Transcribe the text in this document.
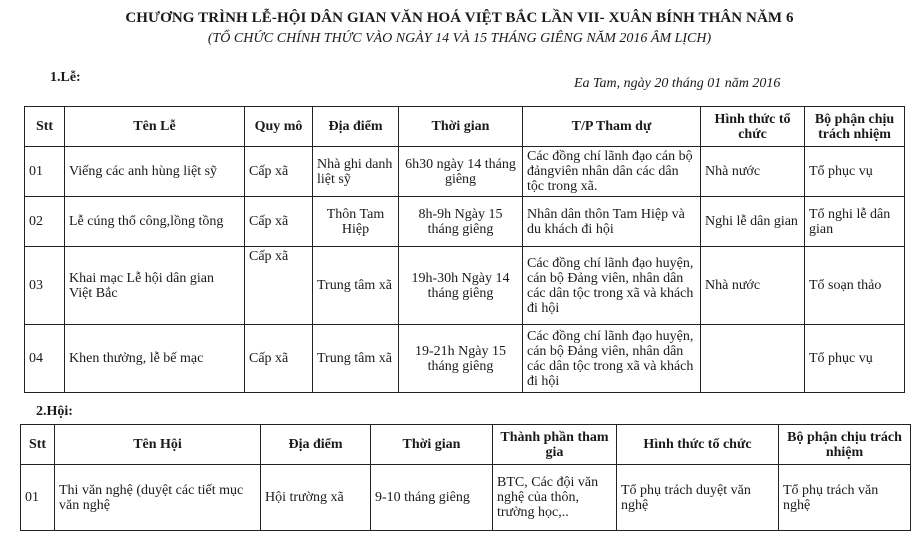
CHƯƠNG TRÌNH LỄ-HỘI DÂN GIAN VĂN HOÁ VIỆT BẮC LẦN VII- XUÂN BÍNH THÂN NĂM 6
(TỔ CHỨC CHÍNH THỨC VÀO NGÀY 14 VÀ 15 THÁNG GIÊNG NĂM 2016 ÂM LỊCH)
1.Lễ:	Ea Tam, ngày 20 tháng 01 năm 2016
Stt	Tên Lễ	Quy mô	Địa điểm	Thời gian	T/P Tham dự	Hình thức tổ chức	Bộ phận chịu trách nhiệm
01	Viếng các anh hùng liệt sỹ	Cấp xã	Nhà ghi danh liệt sỹ	6h30 ngày 14 tháng giêng	Các đồng chí lãnh đạo cán bộ đảngviên nhân dân các dân tộc trong xã.	Nhà nước	Tổ phục vụ
02	Lễ cúng thổ công,lồng tồng	Cấp xã	Thôn Tam Hiệp	8h-9h Ngày 15 tháng giêng	Nhân dân thôn Tam Hiệp và du khách đi hội	Nghi lễ dân gian	Tổ nghi lễ dân gian
03	Khai mạc Lễ hội dân gian Việt Bắc	Cấp xã	Trung tâm xã	19h-30h Ngày 14 tháng giêng	Các đồng chí lãnh đạo huyện, cán bộ Đảng viên, nhân dân các dân tộc trong xã và khách đi hội	Nhà nước	Tổ soạn thảo
04	Khen thưởng, lễ bế mạc	Cấp xã	Trung tâm xã	19-21h Ngày 15 tháng giêng	Các đồng chí lãnh đạo huyện, cán bộ Đảng viên, nhân dân các dân tộc trong xã và khách đi hội		Tổ phục vụ
2.Hội:
Stt	Tên Hội	Địa điểm	Thời gian	Thành phần tham gia	Hình thức tổ chức	Bộ phận chịu trách nhiệm
01	Thi văn nghệ (duyệt các tiết mục văn nghệ	Hội trường xã	9-10 tháng giêng	BTC, Các đội văn nghệ của thôn, trường học,..	Tổ phụ trách duyệt văn nghệ	Tổ phụ trách văn nghệ
